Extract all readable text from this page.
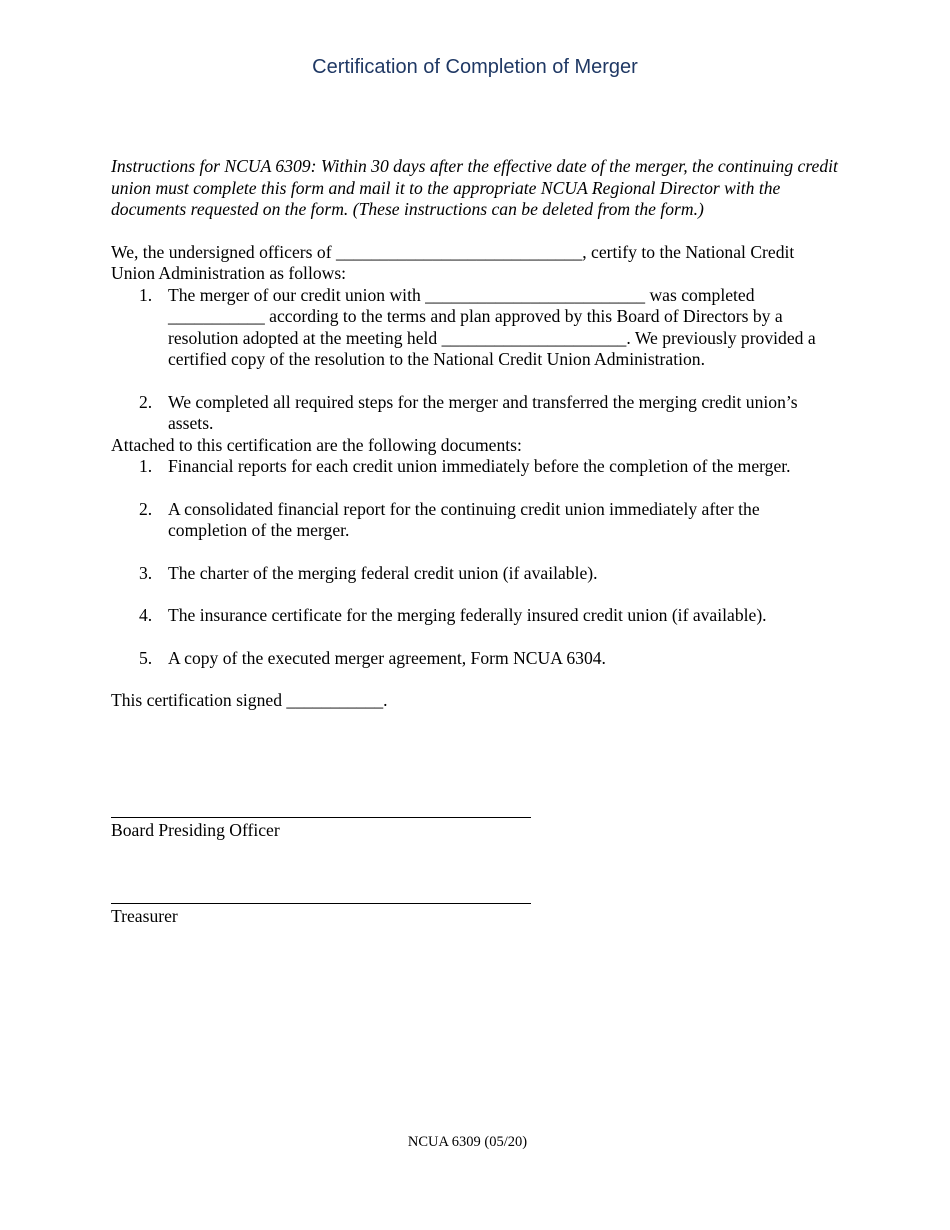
Certification of Completion of Merger

Instructions for NCUA 6309: Within 30 days after the effective date of the merger, the continuing credit union must complete this form and mail it to the appropriate NCUA Regional Director with the documents requested on the form. (These instructions can be deleted from the form.)

We, the undersigned officers of ____________________________, certify to the National Credit Union Administration as follows:

1. The merger of our credit union with _________________________ was completed ___________ according to the terms and plan approved by this Board of Directors by a resolution adopted at the meeting held _____________________. We previously provided a certified copy of the resolution to the National Credit Union Administration.
2. We completed all required steps for the merger and transferred the merging credit union’s assets.

Attached to this certification are the following documents:

1. Financial reports for each credit union immediately before the completion of the merger.
2. A consolidated financial report for the continuing credit union immediately after the completion of the merger.
3. The charter of the merging federal credit union (if available).
4. The insurance certificate for the merging federally insured credit union (if available).
5. A copy of the executed merger agreement, Form NCUA 6304.

This certification signed ___________.

Board Presiding Officer
Treasurer
NCUA 6309 (05/20)
